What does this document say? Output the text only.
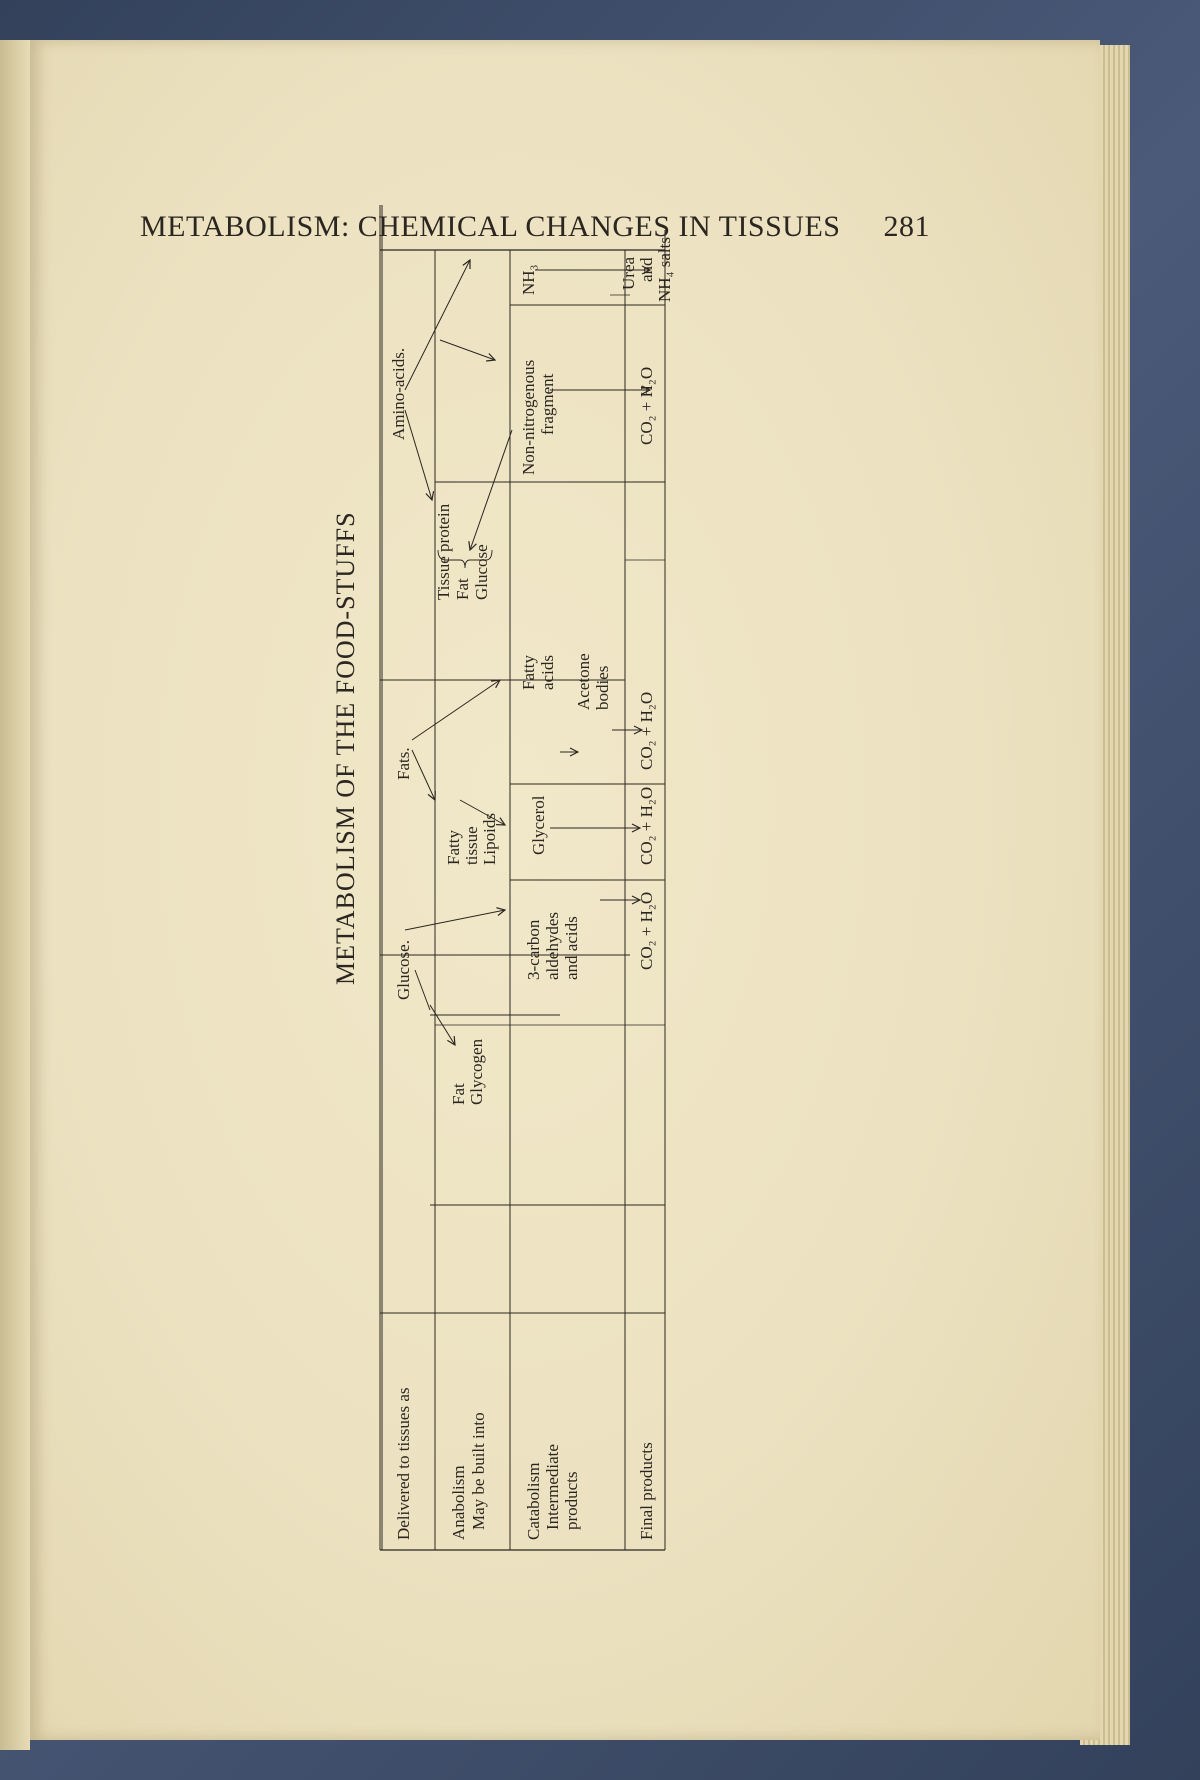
METABOLISM: CHEMICAL CHANGES IN TISSUES 281
METABOLISM OF THE FOOD-STUFFS
Delivered to tissues as Anabolism May be built into Catabolism Intermediate products	Final products
Glucose.
Fat Glycogen
3-carbon aldehydes and acids	CO₂ + H₂O
Fats.
Fatty tissue Lipoids Glycerol
Fatty acids Acetone bodies
CO₂ + H₂O
CO₂ + H₂O
Amino-acids.
Tissue protein Fat Glucose
Non-nitrogenous fragment
NH₃
CO₂ + H₂O
Urea and NH₄ salts
